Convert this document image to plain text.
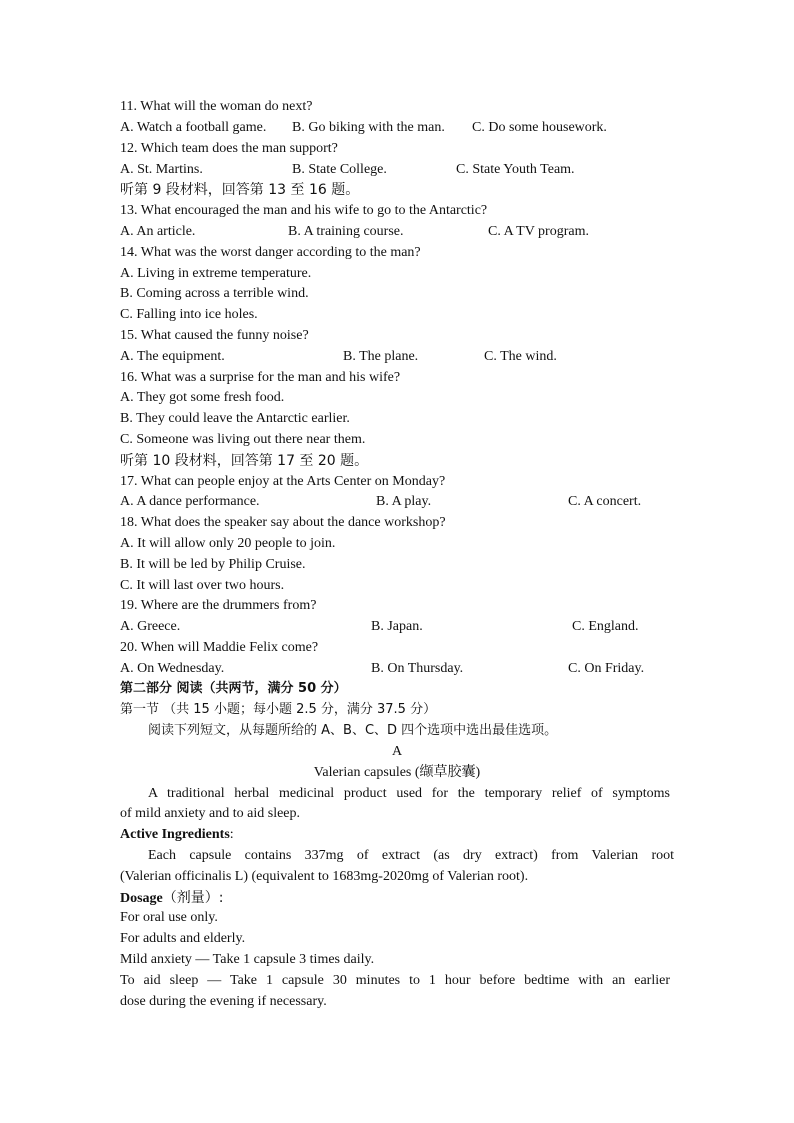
11. What will the woman do next?
A. Watch a football game. B. Go biking with the man. C. Do some housework.
12. Which team does the man support?
A. St. Martins.	B. State College.	C. State Youth Team.
听第 9 段材料，回答第 13 至 16 题。
13. What encouraged the man and his wife to go to the Antarctic?
A. An article.	B. A training course.	C. A TV program.
14. What was the worst danger according to the man?
A. Living in extreme temperature.
B. Coming across a terrible wind.
C. Falling into ice holes.
15. What caused the funny noise?
A. The equipment.	B. The plane.	C. The wind.
16. What was a surprise for the man and his wife?
A. They got some fresh food.
B. They could leave the Antarctic earlier.
C. Someone was living out there near them.
听第 10 段材料，回答第 17 至 20 题。
17. What can people enjoy at the Arts Center on Monday?
A. A dance performance.	B. A play.	C. A concert.
18. What does the speaker say about the dance workshop?
A. It will allow only 20 people to join.
B. It will be led by Philip Cruise.
C. It will last over two hours.
19. Where are the drummers from?
A. Greece.	B. Japan.	C. England.
20. When will Maddie Felix come?
A. On Wednesday.	B. On Thursday.	C. On Friday.
第二部分 阅读（共两节，满分 50 分）
第一节 （共 15 小题；每小题 2.5 分，满分 37.5 分）
阅读下列短文，从每题所给的 A、B、C、D 四个选项中选出最佳选项。
A
Valerian capsules (缬草胶囊)
A traditional herbal medicinal product used for the temporary relief of symptoms
of mild anxiety and to aid sleep.
Active Ingredients:
Each capsule contains 337mg of extract (as dry extract) from Valerian root
(Valerian officinalis L) (equivalent to 1683mg-2020mg of Valerian root).
Dosage（剂量）:
For oral use only.
For adults and elderly.
Mild anxiety — Take 1 capsule 3 times daily.
To aid sleep — Take 1 capsule 30 minutes to 1 hour before bedtime with an earlier
dose during the evening if necessary.
